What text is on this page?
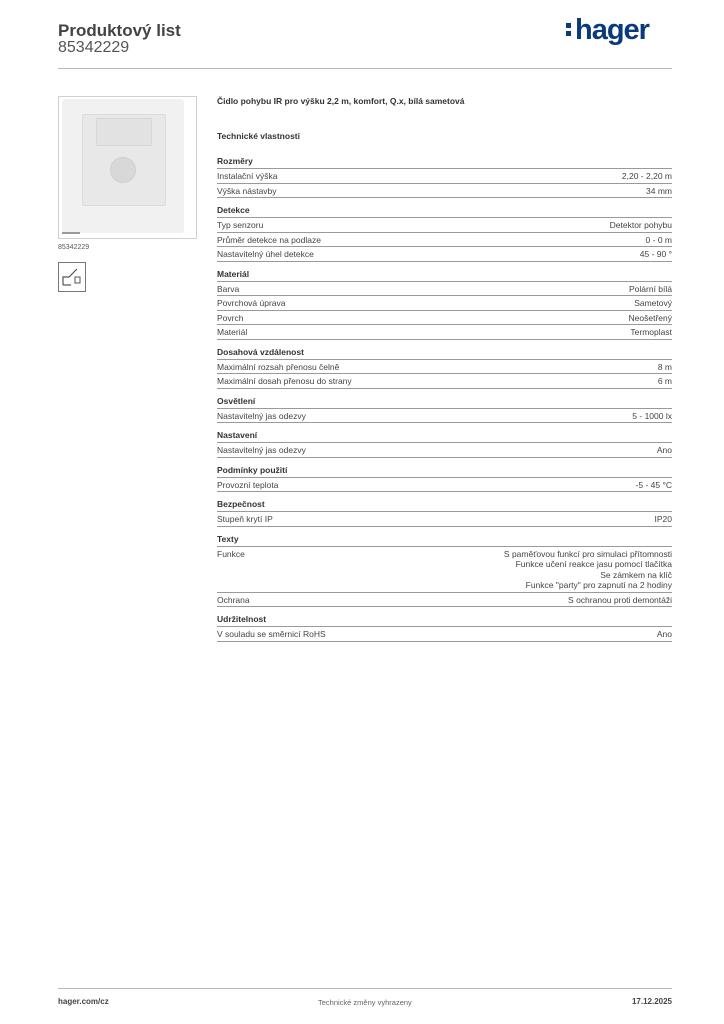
Produktový list
85342229
hager
85342229
Čidlo pohybu IR pro výšku 2,2 m, komfort, Q.x, bílá sametová
Technické vlastnosti
Rozměry
Instalační výška	2,20 - 2,20 m
Výška nástavby	34 mm
Detekce
Typ senzoru	Detektor pohybu
Průměr detekce na podlaze	0 - 0 m
Nastavitelný úhel detekce	45 - 90 °
Materiál
Barva	Polární bílá
Povrchová úprava	Sametový
Povrch	Neošetřený
Materiál	Termoplast
Dosahová vzdálenost
Maximální rozsah přenosu čelně	8 m
Maximální dosah přenosu do strany	6 m
Osvětlení
Nastavitelný jas odezvy	5 - 1000 lx
Nastavení
Nastavitelný jas odezvy	Ano
Podmínky použití
Provozní teplota	-5 - 45 °C
Bezpečnost
Stupeň krytí IP	IP20
Texty
Funkce	S paměťovou funkcí pro simulaci přítomnosti
Funkce učení reakce jasu pomocí tlačítka
Se zámkem na klíč
Funkce "party" pro zapnutí na 2 hodiny
Ochrana	S ochranou proti demontáži
Udržitelnost
V souladu se směrnicí RoHS	Ano
hager.com/cz	Technické změny vyhrazeny	17.12.2025
